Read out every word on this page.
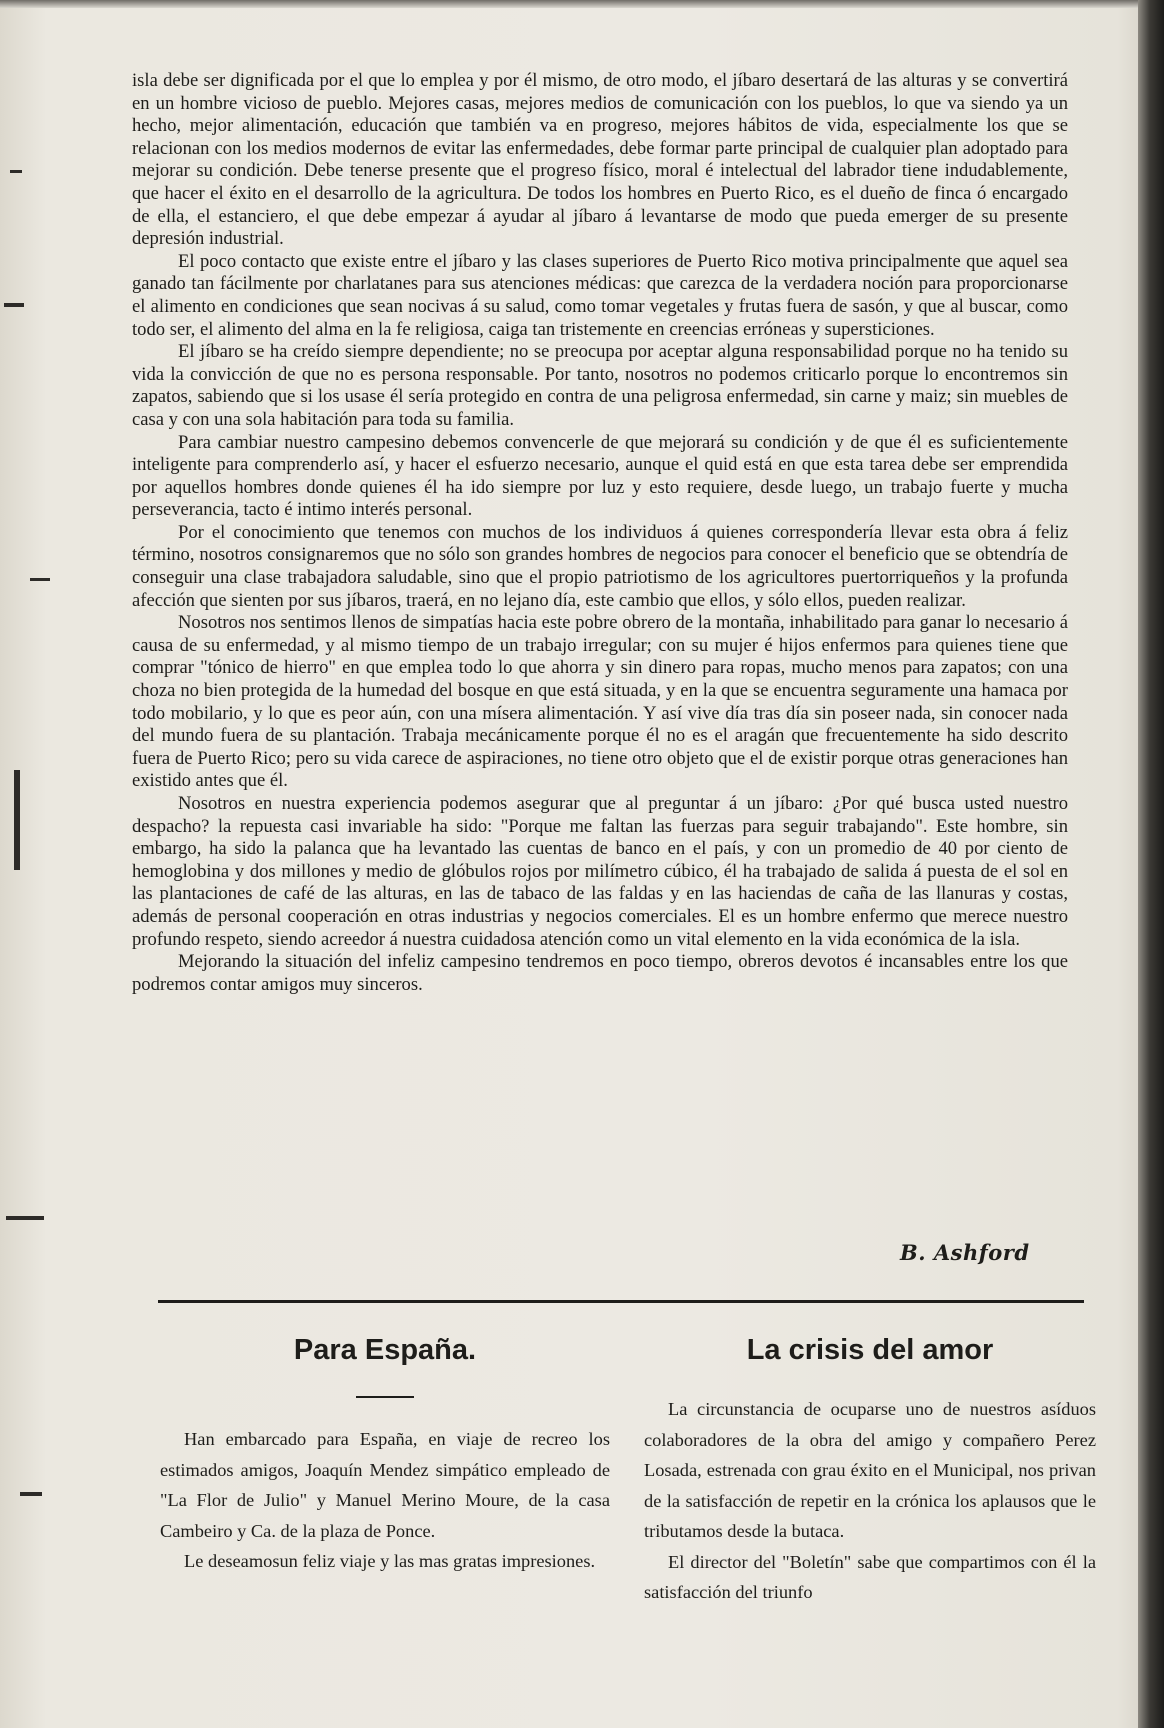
isla debe ser dignificada por el que lo emplea y por él mismo, de otro modo, el jíbaro desertará de las alturas y se convertirá en un hombre vicioso de pueblo. Mejores casas, mejores medios de comunicación con los pueblos, lo que va siendo ya un hecho, mejor alimentación, educación que también va en progreso, mejores hábitos de vida, especialmente los que se relacionan con los medios modernos de evitar las enfermedades, debe formar parte principal de cualquier plan adoptado para mejorar su condición. Debe tenerse presente que el progreso físico, moral é intelectual del labrador tiene indudablemente, que hacer el éxito en el desarrollo de la agricultura. De todos los hombres en Puerto Rico, es el dueño de finca ó encargado de ella, el estanciero, el que debe empezar á ayudar al jíbaro á levantarse de modo que pueda emerger de su presente depresión industrial.

El poco contacto que existe entre el jíbaro y las clases superiores de Puerto Rico motiva principalmente que aquel sea ganado tan fácilmente por charlatanes para sus atenciones médicas: que carezca de la verdadera noción para proporcionarse el alimento en condiciones que sean nocivas á su salud, como tomar vegetales y frutas fuera de sasón, y que al buscar, como todo ser, el alimento del alma en la fe religiosa, caiga tan tristemente en creencias erróneas y supersticiones.

El jíbaro se ha creído siempre dependiente; no se preocupa por aceptar alguna responsabilidad porque no ha tenido su vida la convicción de que no es persona responsable. Por tanto, nosotros no podemos criticarlo porque lo encontremos sin zapatos, sabiendo que si los usase él sería protegido en contra de una peligrosa enfermedad, sin carne y maiz; sin muebles de casa y con una sola habitación para toda su familia.

Para cambiar nuestro campesino debemos convencerle de que mejorará su condición y de que él es suficientemente inteligente para comprenderlo así, y hacer el esfuerzo necesario, aunque el quid está en que esta tarea debe ser emprendida por aquellos hombres donde quienes él ha ido siempre por luz y esto requiere, desde luego, un trabajo fuerte y mucha perseverancia, tacto é intimo interés personal.

Por el conocimiento que tenemos con muchos de los individuos á quienes correspondería llevar esta obra á feliz término, nosotros consignaremos que no sólo son grandes hombres de negocios para conocer el beneficio que se obtendría de conseguir una clase trabajadora saludable, sino que el propio patriotismo de los agricultores puertorriqueños y la profunda afección que sienten por sus jíbaros, traerá, en no lejano día, este cambio que ellos, y sólo ellos, pueden realizar.

Nosotros nos sentimos llenos de simpatías hacia este pobre obrero de la montaña, inhabilitado para ganar lo necesario á causa de su enfermedad, y al mismo tiempo de un trabajo irregular; con su mujer é hijos enfermos para quienes tiene que comprar "tónico de hierro" en que emplea todo lo que ahorra y sin dinero para ropas, mucho menos para zapatos; con una choza no bien protegida de la humedad del bosque en que está situada, y en la que se encuentra seguramente una hamaca por todo mobilario, y lo que es peor aún, con una mísera alimentación. Y así vive día tras día sin poseer nada, sin conocer nada del mundo fuera de su plantación. Trabaja mecánicamente porque él no es el aragán que frecuentemente ha sido descrito fuera de Puerto Rico; pero su vida carece de aspiraciones, no tiene otro objeto que el de existir porque otras generaciones han existido antes que él.

Nosotros en nuestra experiencia podemos asegurar que al preguntar á un jíbaro: ¿Por qué busca usted nuestro despacho? la repuesta casi invariable ha sido: "Porque me faltan las fuerzas para seguir trabajando". Este hombre, sin embargo, ha sido la palanca que ha levantado las cuentas de banco en el país, y con un promedio de 40 por ciento de hemoglobina y dos millones y medio de glóbulos rojos por milímetro cúbico, él ha trabajado de salida á puesta de el sol en las plantaciones de café de las alturas, en las de tabaco de las faldas y en las haciendas de caña de las llanuras y costas, además de personal cooperación en otras industrias y negocios comerciales. El es un hombre enfermo que merece nuestro profundo respeto, siendo acreedor á nuestra cuidadosa atención como un vital elemento en la vida económica de la isla.

Mejorando la situación del infeliz campesino tendremos en poco tiempo, obreros devotos é incansables entre los que podremos contar amigos muy sinceros.

B. Ashford
Para España.

Han embarcado para España, en viaje de recreo los estimados amigos, Joaquín Mendez simpático empleado de "La Flor de Julio" y Manuel Merino Moure, de la casa Cambeiro y Ca. de la plaza de Ponce.

Le deseamosun feliz viaje y las mas gratas impresiones.

La crisis del amor

La circunstancia de ocuparse uno de nuestros asíduos colaboradores de la obra del amigo y compañero Perez Losada, estrenada con grau éxito en el Municipal, nos privan de la satisfacción de repetir en la crónica los aplausos que le tributamos desde la butaca.

El director del "Boletín" sabe que compartimos con él la satisfacción del triunfo
